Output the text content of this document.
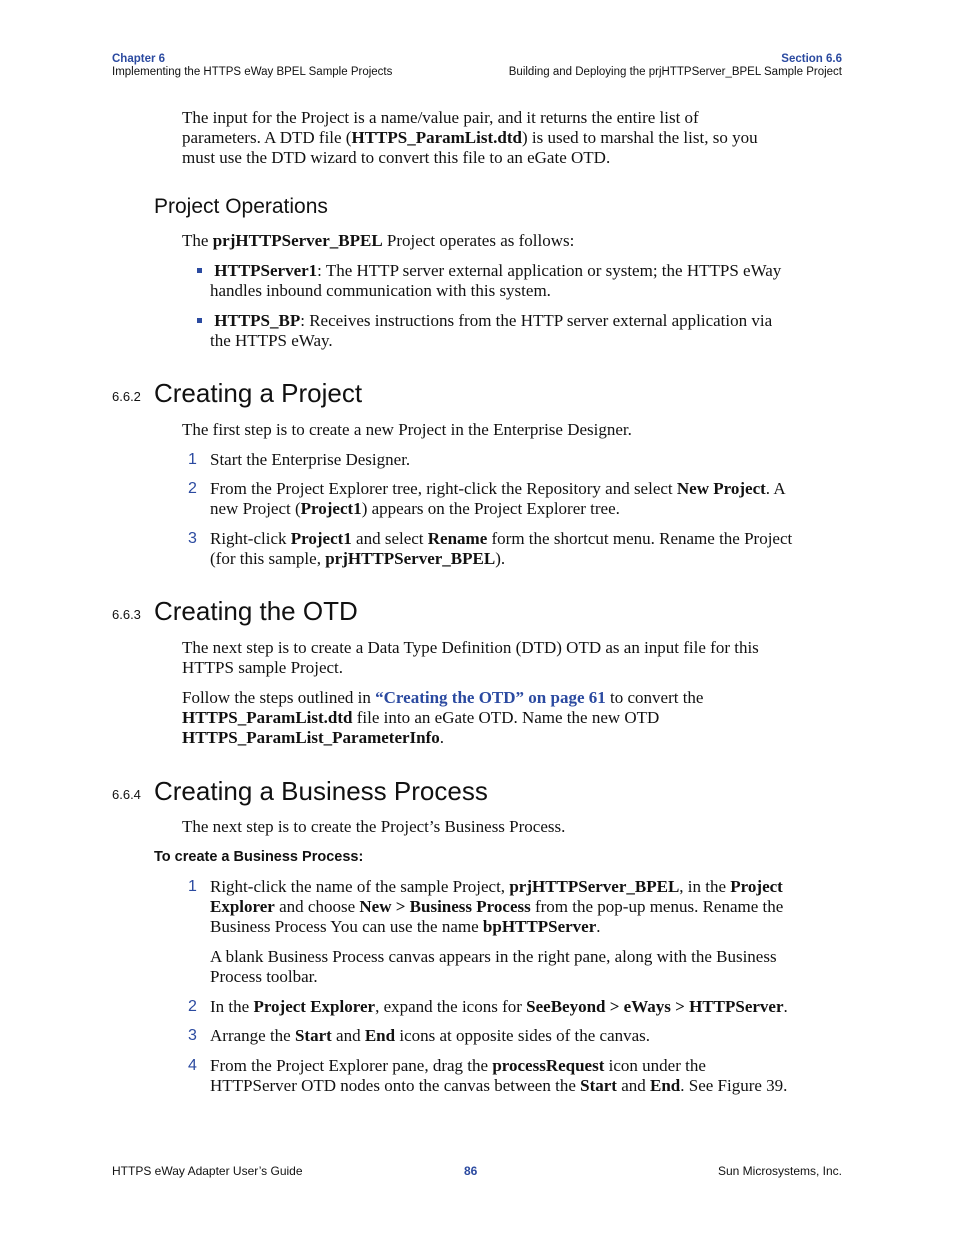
Chapter 6
Implementing the HTTPS eWay BPEL Sample Projects
Section 6.6
Building and Deploying the prjHTTPServer_BPEL Sample Project
The input for the Project is a name/value pair, and it returns the entire list of
parameters. A DTD file (HTTPS_ParamList.dtd) is used to marshal the list, so you
must use the DTD wizard to convert this file to an eGate OTD.
Project Operations
The prjHTTPServer_BPEL Project operates as follows:
HTTPServer1: The HTTP server external application or system; the HTTPS eWay
handles inbound communication with this system.
HTTPS_BP: Receives instructions from the HTTP server external application via
the HTTPS eWay.
6.6.2 Creating a Project
The first step is to create a new Project in the Enterprise Designer.
1 Start the Enterprise Designer.
2 From the Project Explorer tree, right-click the Repository and select New Project. A
new Project (Project1) appears on the Project Explorer tree.
3 Right-click Project1 and select Rename form the shortcut menu. Rename the Project
(for this sample, prjHTTPServer_BPEL).
6.6.3 Creating the OTD
The next step is to create a Data Type Definition (DTD) OTD as an input file for this
HTTPS sample Project.
Follow the steps outlined in “Creating the OTD” on page 61 to convert the
HTTPS_ParamList.dtd file into an eGate OTD. Name the new OTD
HTTPS_ParamList_ParameterInfo.
6.6.4 Creating a Business Process
The next step is to create the Project’s Business Process.
To create a Business Process:
1 Right-click the name of the sample Project, prjHTTPServer_BPEL, in the Project
Explorer and choose New > Business Process from the pop-up menus. Rename the
Business Process You can use the name bpHTTPServer.
A blank Business Process canvas appears in the right pane, along with the Business
Process toolbar.
2 In the Project Explorer, expand the icons for SeeBeyond > eWays > HTTPServer.
3 Arrange the Start and End icons at opposite sides of the canvas.
4 From the Project Explorer pane, drag the processRequest icon under the
HTTPServer OTD nodes onto the canvas between the Start and End. See Figure 39.
HTTPS eWay Adapter User’s Guide	86	Sun Microsystems, Inc.
